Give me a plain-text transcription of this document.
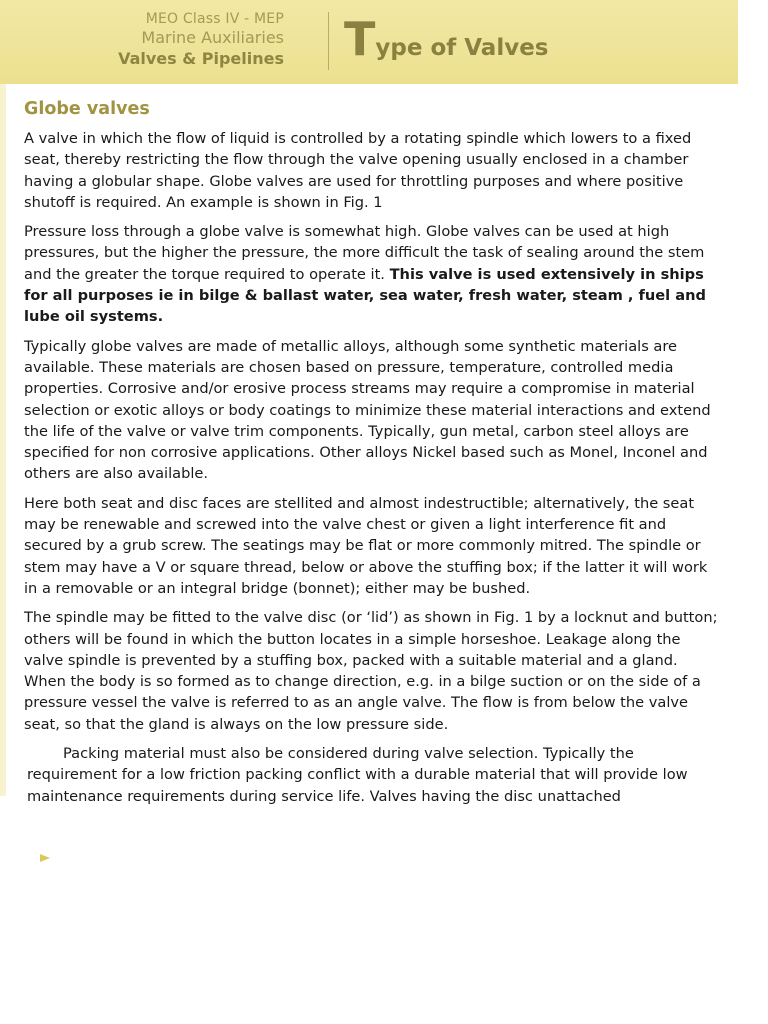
MEO Class IV - MEP
Marine Auxiliaries
Valves & Pipelines Type of Valves
Globe valves

A valve in which the flow of liquid is controlled by a rotating spindle which lowers to a fixed seat, thereby restricting the flow through the valve opening usually enclosed in a chamber having a globular shape. Globe valves are used for throttling purposes and where positive shutoff is required. An example is shown in Fig. 1

Pressure loss through a globe valve is somewhat high. Globe valves can be used at high pressures, but the higher the pressure, the more difficult the task of sealing around the stem and the greater the torque required to operate it. This valve is used extensively in ships for all purposes ie in bilge & ballast water, sea water, fresh water, steam , fuel and lube oil systems.

Typically globe valves are made of metallic alloys, although some synthetic materials are available. These materials are chosen based on pressure, temperature, controlled media properties. Corrosive and/or erosive process streams may require a compromise in material selection or exotic alloys or body coatings to minimize these material interactions and extend the life of the valve or valve trim components. Typically, gun metal, carbon steel alloys are specified for non corrosive applications. Other alloys Nickel based such as Monel, Inconel and others are also available.

Here both seat and disc faces are stellited and almost indestructible; alternatively, the seat may be renewable and screwed into the valve chest or given a light interference fit and secured by a grub screw. The seatings may be flat or more commonly mitred. The spindle or stem may have a V or square thread, below or above the stuffing box; if the latter it will work in a removable or an integral bridge (bonnet); either may be bushed.

The spindle may be fitted to the valve disc (or ‘lid’) as shown in Fig. 1 by a locknut and button; others will be found in which the button locates in a simple horseshoe. Leakage along the valve spindle is prevented by a stuffing box, packed with a suitable material and a gland. When the body is so formed as to change direction, e.g. in a bilge suction or on the side of a pressure vessel the valve is referred to as an angle valve. The flow is from below the valve seat, so that the gland is always on the low pressure side.

Packing material must also be considered during valve selection. Typically the requirement for a low friction packing conflict with a durable material that will provide low maintenance requirements during service life. Valves having the disc unattached
